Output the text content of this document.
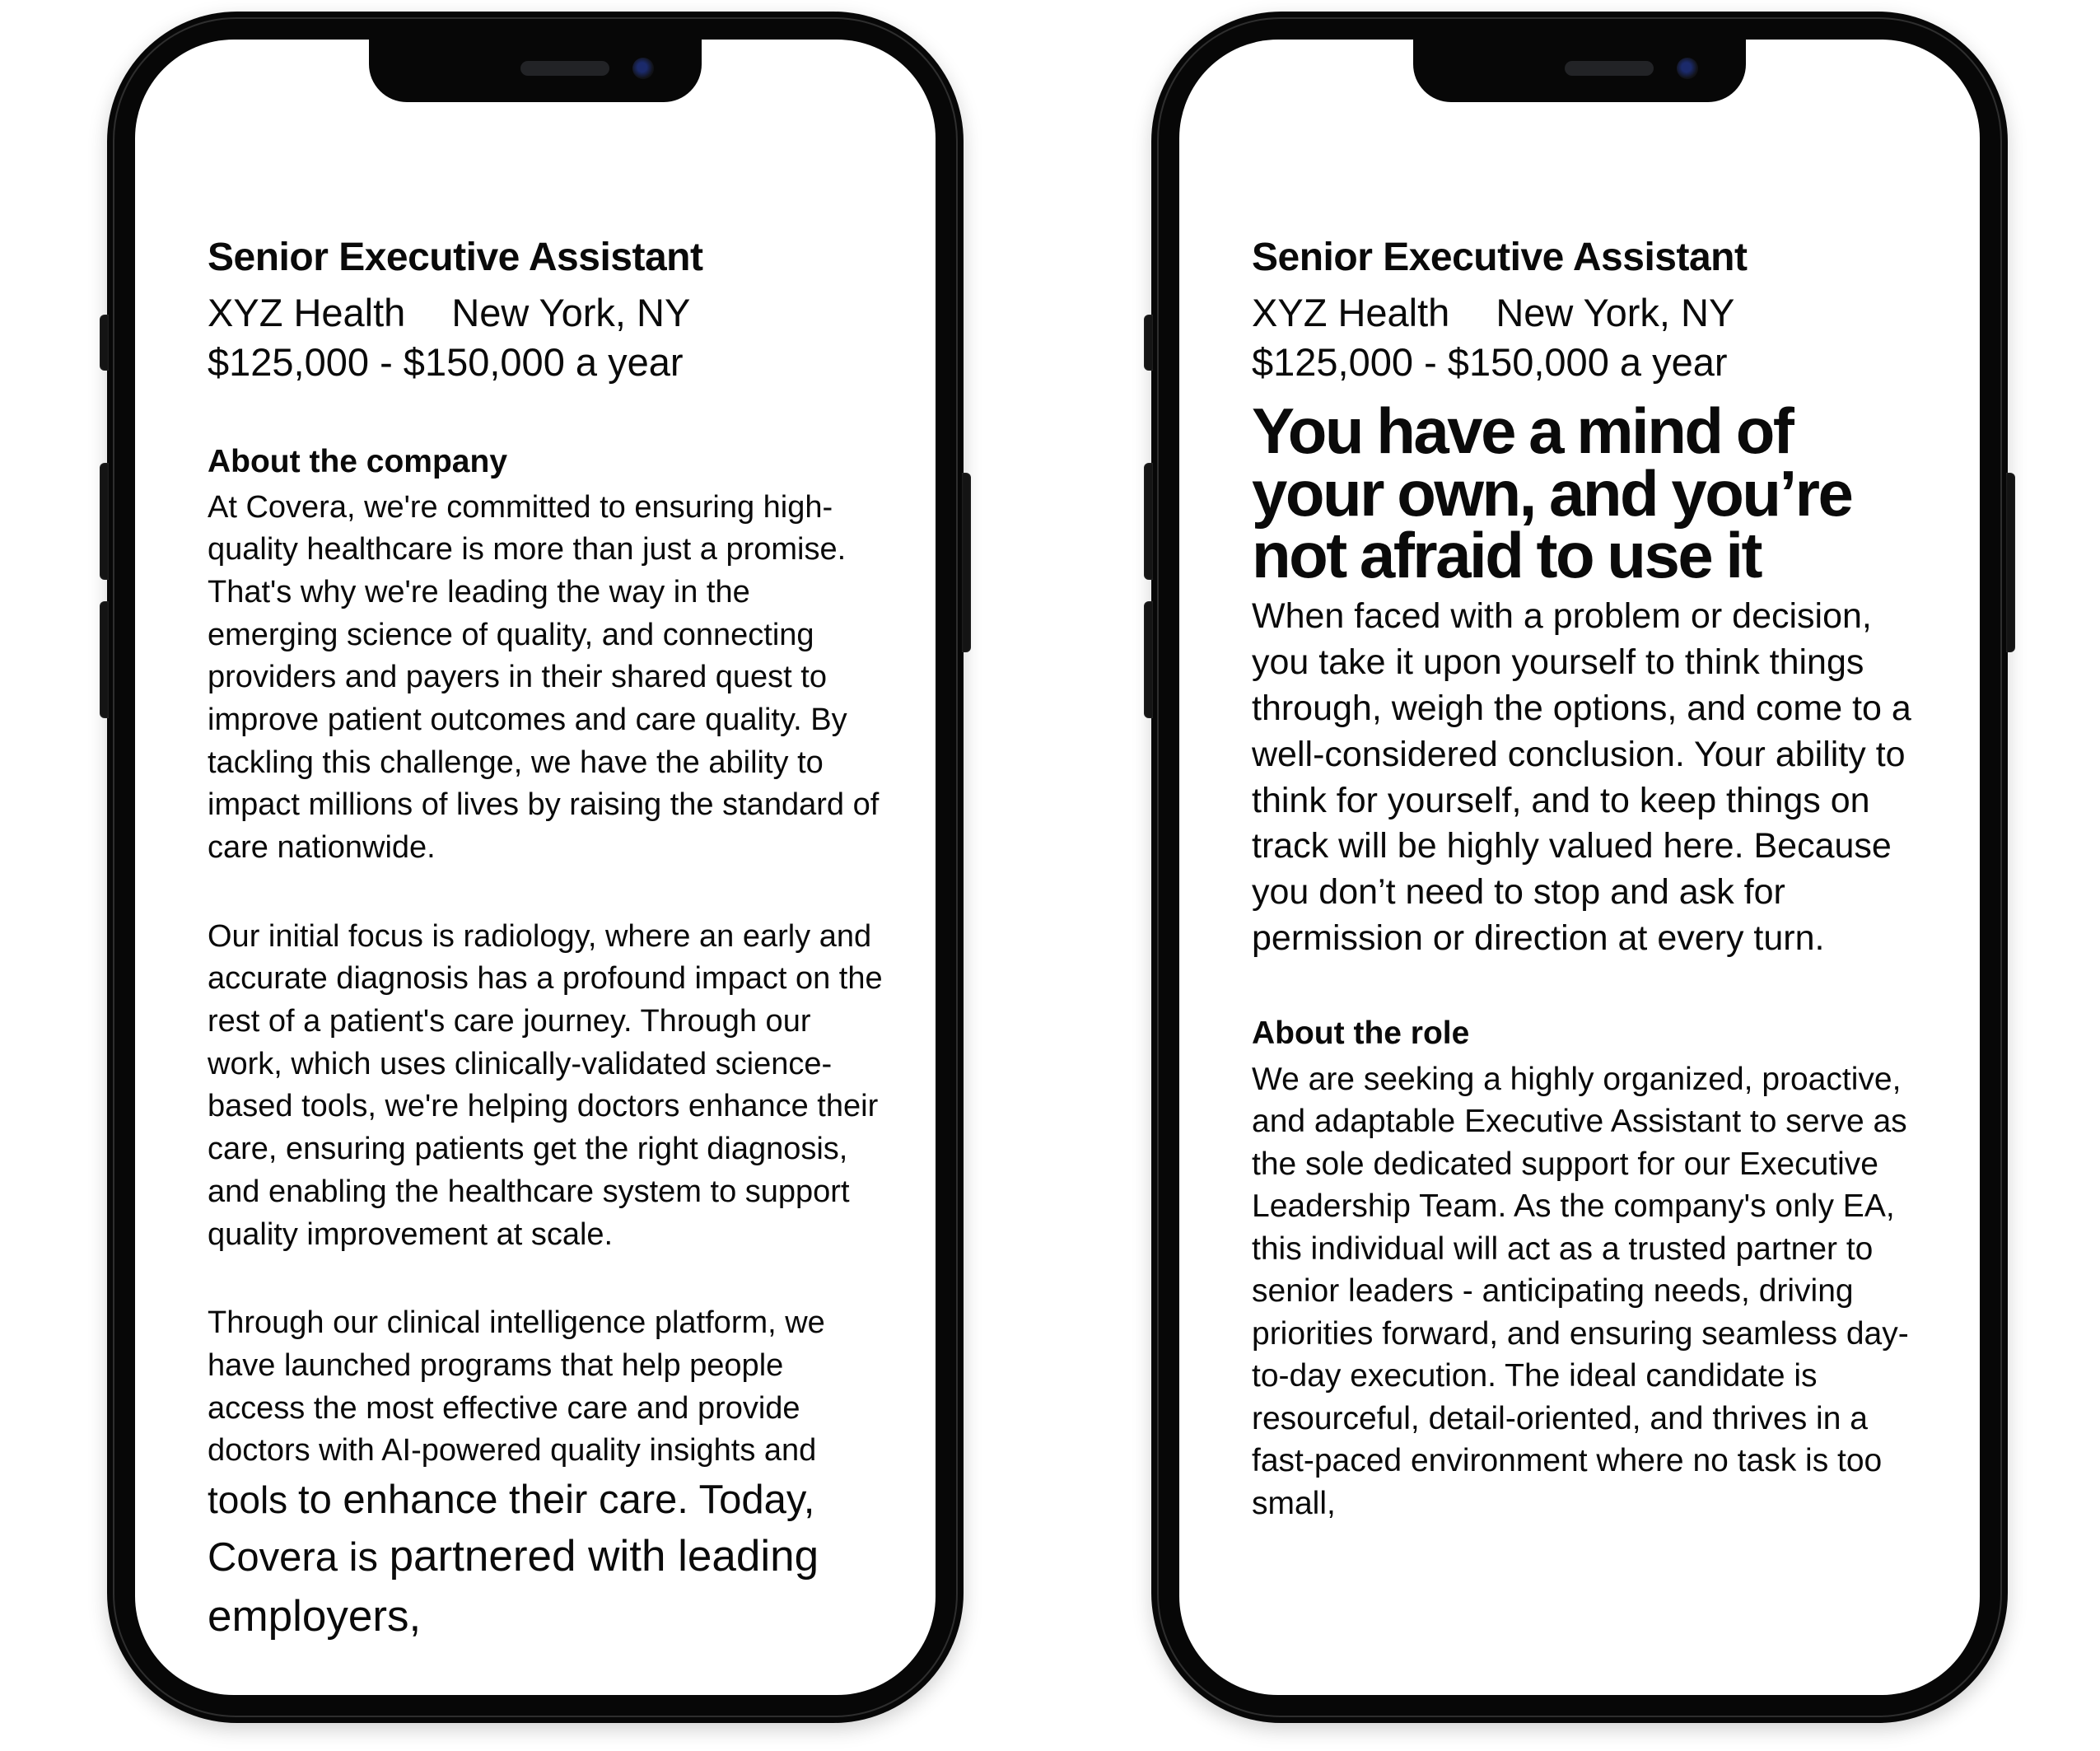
Senior Executive Assistant
XYZ Health New York, NY
$125,000 - $150,000 a year
About the company

At Covera, we're committed to ensuring high-quality healthcare is more than just a promise. That's why we're leading the way in the emerging science of quality, and connecting providers and payers in their shared quest to improve patient outcomes and care quality. By tackling this challenge, we have the ability to impact millions of lives by raising the standard of care nationwide.

Our initial focus is radiology, where an early and accurate diagnosis has a profound impact on the rest of a patient's care journey. Through our work, which uses clinically-validated science-based tools, we're helping doctors enhance their care, ensuring patients get the right diagnosis, and enabling the healthcare system to support quality improvement at scale.

Through our clinical intelligence platform, we have launched programs that help people access the most effective care and provide doctors with AI-powered quality insights and tools to enhance their care. Today, Covera is partnered with leading employers,

Senior Executive Assistant
XYZ Health New York, NY
$125,000 - $150,000 a year
You have a mind of your own, and you’re not afraid to use it

When faced with a problem or decision, you take it upon yourself to think things through, weigh the options, and come to a well-considered conclusion. Your ability to think for yourself, and to keep things on track will be highly valued here. Because you don’t need to stop and ask for permission or direction at every turn.

About the role

We are seeking a highly organized, proactive, and adaptable Executive Assistant to serve as the sole dedicated support for our Executive Leadership Team. As the company's only EA, this individual will act as a trusted partner to senior leaders - anticipating needs, driving priorities forward, and ensuring seamless day-to-day execution. The ideal candidate is resourceful, detail-oriented, and thrives in a fast-paced environment where no task is too small,
